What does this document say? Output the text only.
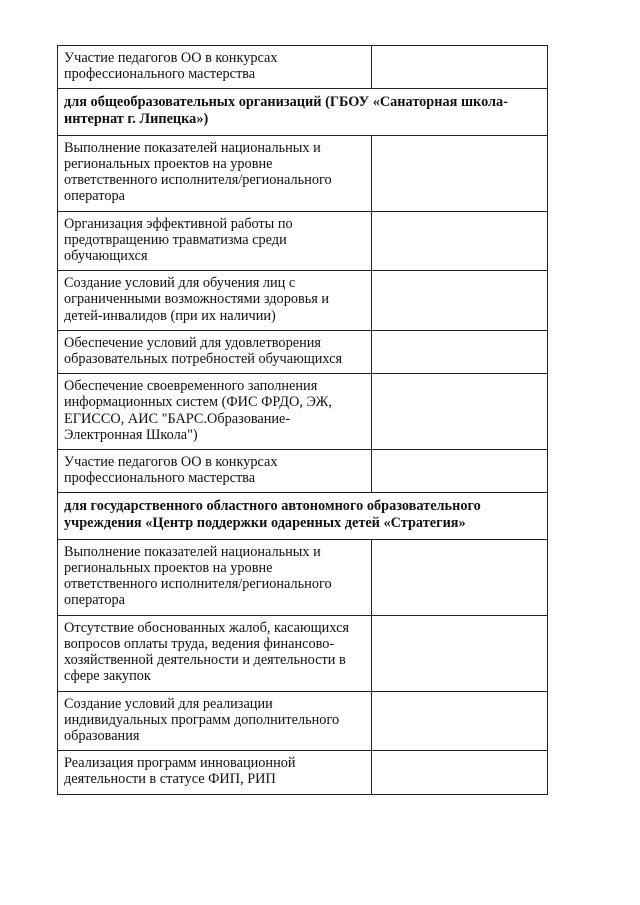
Участие педагогов ОО в конкурсах профессионального мастерства	
для общеобразовательных организаций (ГБОУ «Санаторная школа-интернат г. Липецка»)	
Выполнение показателей национальных и региональных проектов на уровне ответственного исполнителя/регионального оператора	
Организация эффективной работы по предотвращению травматизма среди обучающихся	
Создание условий для обучения лиц с ограниченными возможностями здоровья и детей-инвалидов (при их наличии)	
Обеспечение условий для удовлетворения образовательных потребностей обучающихся	
Обеспечение своевременного заполнения информационных систем (ФИС ФРДО, ЭЖ, ЕГИССО, АИС "БАРС.Образование-Электронная Школа")	
Участие педагогов ОО в конкурсах профессионального мастерства	
для государственного областного автономного образовательного учреждения «Центр поддержки одаренных детей «Стратегия»	
Выполнение показателей национальных и региональных проектов на уровне ответственного исполнителя/регионального оператора	
Отсутствие обоснованных жалоб, касающихся вопросов оплаты труда, ведения финансово-хозяйственной деятельности и деятельности в сфере закупок	
Создание условий для реализации индивидуальных программ дополнительного образования	
Реализация программ инновационной деятельности в статусе ФИП, РИП	
